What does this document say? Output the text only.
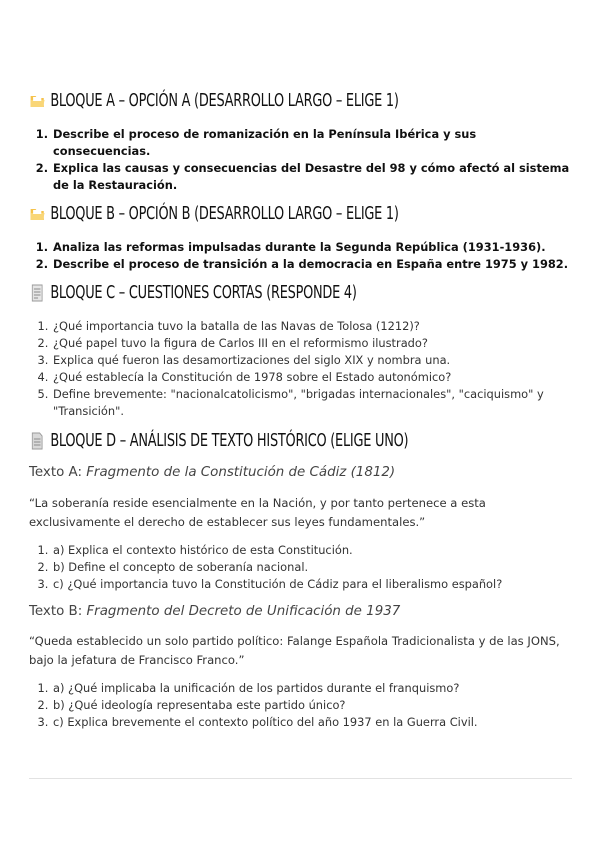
BLOQUE A – OPCIÓN A (DESARROLLO LARGO – ELIGE 1)
1. Describe el proceso de romanización en la Península Ibérica y sus consecuencias.
2. Explica las causas y consecuencias del Desastre del 98 y cómo afectó al sistema de la Restauración.
BLOQUE B – OPCIÓN B (DESARROLLO LARGO – ELIGE 1)
1. Analiza las reformas impulsadas durante la Segunda República (1931-1936).
2. Describe el proceso de transición a la democracia en España entre 1975 y 1982.
BLOQUE C – CUESTIONES CORTAS (RESPONDE 4)
1. ¿Qué importancia tuvo la batalla de las Navas de Tolosa (1212)?
2. ¿Qué papel tuvo la figura de Carlos III en el reformismo ilustrado?
3. Explica qué fueron las desamortizaciones del siglo XIX y nombra una.
4. ¿Qué establecía la Constitución de 1978 sobre el Estado autonómico?
5. Define brevemente: "nacionalcatolicismo", "brigadas internacionales", "caciquismo" y "Transición".
BLOQUE D – ANÁLISIS DE TEXTO HISTÓRICO (ELIGE UNO)

Texto A: Fragmento de la Constitución de Cádiz (1812)

“La soberanía reside esencialmente en la Nación, y por tanto pertenece a esta exclusivamente el derecho de establecer sus leyes fundamentales.”

1. a) Explica el contexto histórico de esta Constitución.
2. b) Define el concepto de soberanía nacional.
3. c) ¿Qué importancia tuvo la Constitución de Cádiz para el liberalismo español?

Texto B: Fragmento del Decreto de Unificación de 1937

“Queda establecido un solo partido político: Falange Española Tradicionalista y de las JONS, bajo la jefatura de Francisco Franco.”

1. a) ¿Qué implicaba la unificación de los partidos durante el franquismo?
2. b) ¿Qué ideología representaba este partido único?
3. c) Explica brevemente el contexto político del año 1937 en la Guerra Civil.
